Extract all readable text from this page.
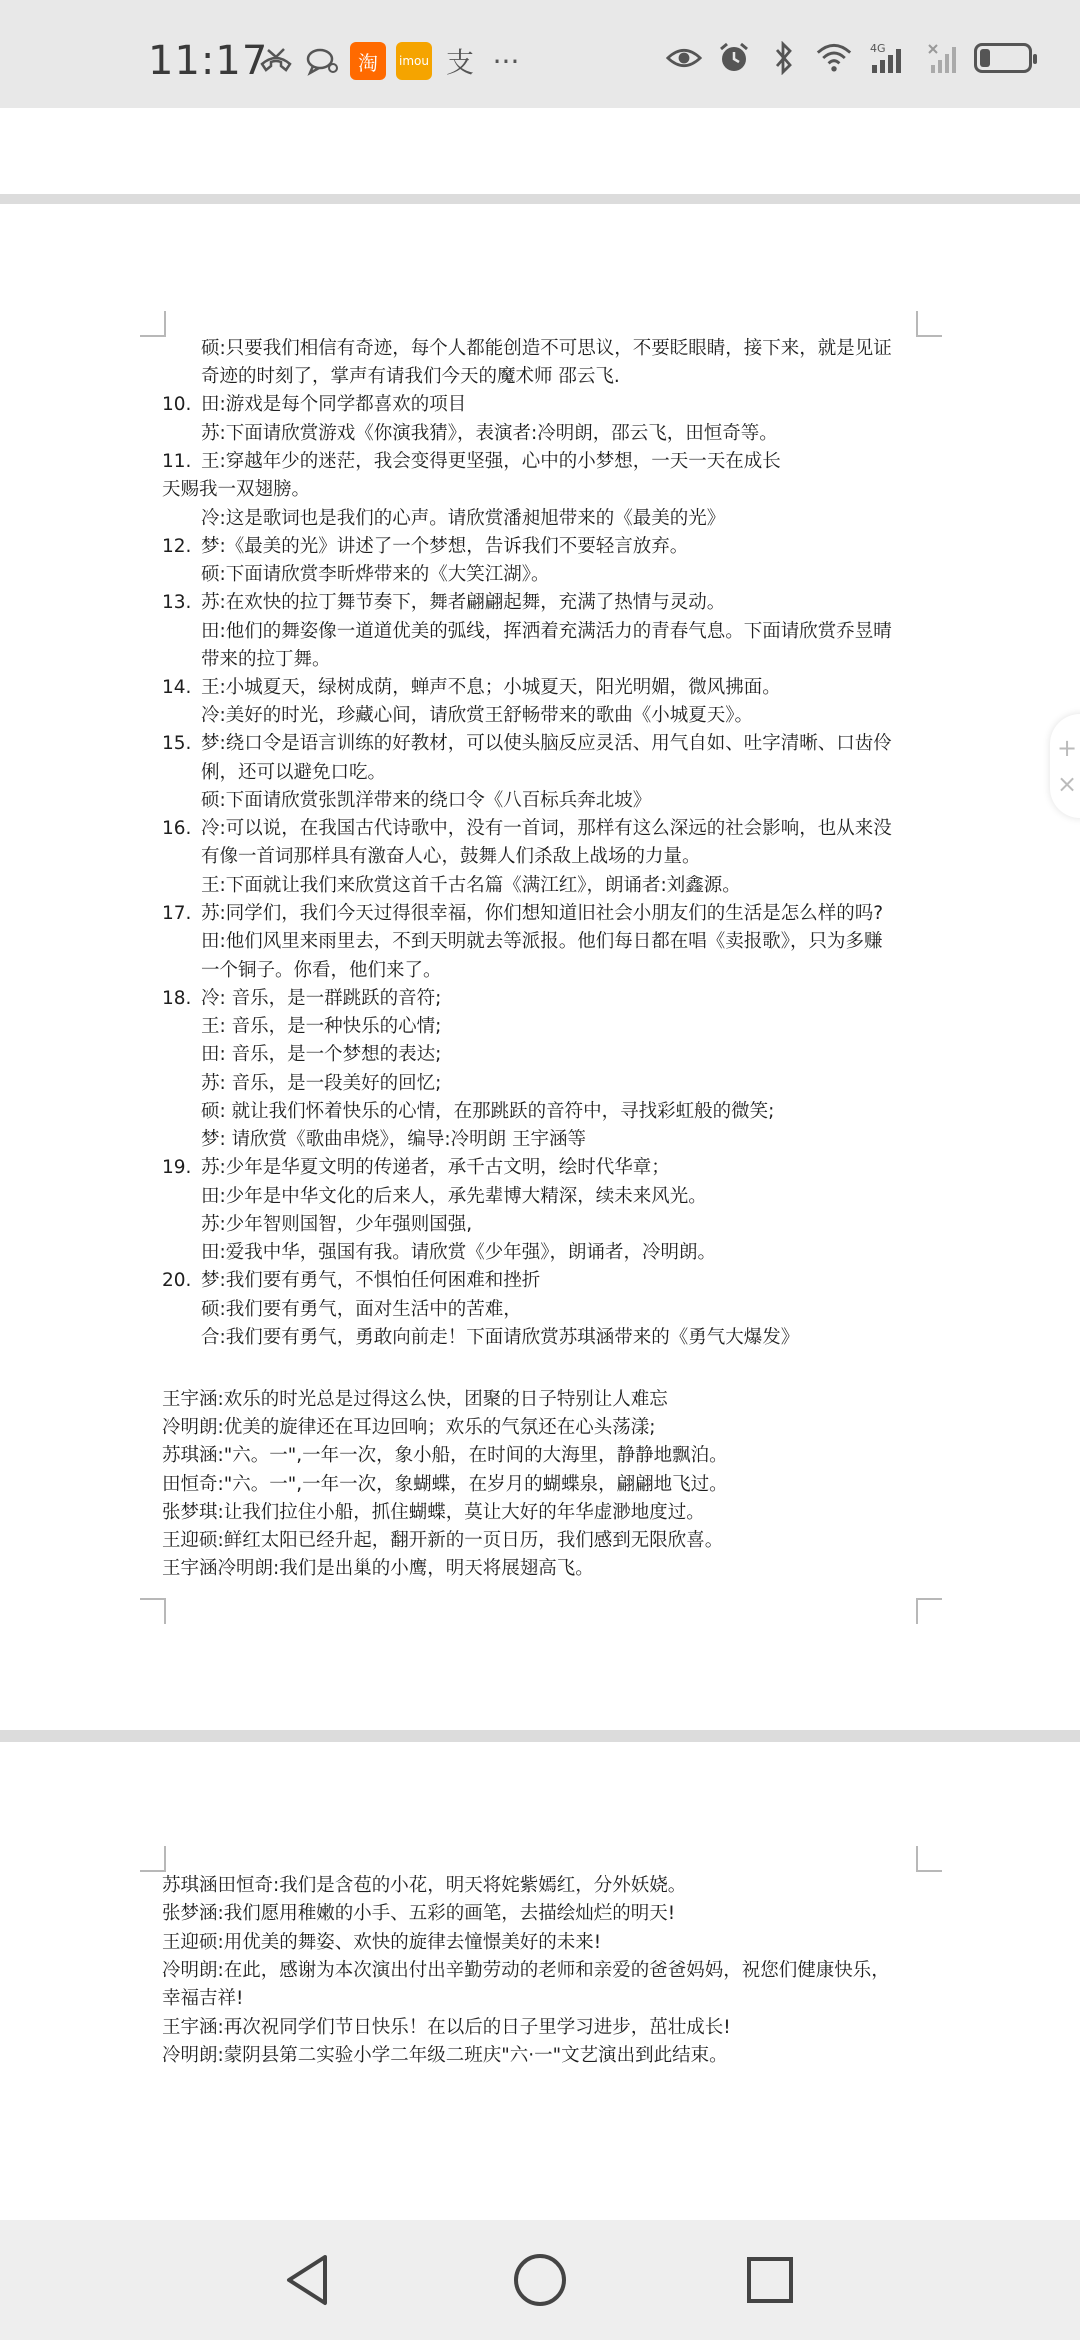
11:17	淘	imou 支 ···	4G
10.
11.
12.
13.
14.
15.
16.
17.
18.
19.
20.
硕:只要我们相信有奇迹，每个人都能创造不可思议，不要眨眼睛，接下来，就是见证
奇迹的时刻了，掌声有请我们今天的魔术师 邵云飞.
田:游戏是每个同学都喜欢的项目
苏:下面请欣赏游戏《你演我猜》，表演者:冷明朗，邵云飞，田恒奇等。
王:穿越年少的迷茫，我会变得更坚强，心中的小梦想，一天一天在成长
天赐我一双翅膀。
冷:这是歌词也是我们的心声。请欣赏潘昶旭带来的《最美的光》
梦:《最美的光》讲述了一个梦想，告诉我们不要轻言放弃。
硕:下面请欣赏李昕烨带来的《大笑江湖》。
苏:在欢快的拉丁舞节奏下，舞者翩翩起舞，充满了热情与灵动。
田:他们的舞姿像一道道优美的弧线，挥洒着充满活力的青春气息。下面请欣赏乔昱晴
带来的拉丁舞。
王:小城夏天，绿树成荫，蝉声不息；小城夏天，阳光明媚，微风拂面。
冷:美好的时光，珍藏心间，请欣赏王舒畅带来的歌曲《小城夏天》。
梦:绕口令是语言训练的好教材，可以使头脑反应灵活、用气自如、吐字清晰、口齿伶
俐，还可以避免口吃。
硕:下面请欣赏张凯洋带来的绕口令《八百标兵奔北坡》
冷:可以说，在我国古代诗歌中，没有一首词，那样有这么深远的社会影响，也从来没
有像一首词那样具有激奋人心，鼓舞人们杀敌上战场的力量。
王:下面就让我们来欣赏这首千古名篇《满江红》，朗诵者:刘鑫源。
苏:同学们，我们今天过得很幸福，你们想知道旧社会小朋友们的生活是怎么样的吗?
田:他们风里来雨里去，不到天明就去等派报。他们每日都在唱《卖报歌》，只为多赚
一个铜子。你看，他们来了。
冷: 音乐，是一群跳跃的音符;
王: 音乐，是一种快乐的心情;
田: 音乐，是一个梦想的表达;
苏: 音乐，是一段美好的回忆;
硕: 就让我们怀着快乐的心情，在那跳跃的音符中，寻找彩虹般的微笑;
梦: 请欣赏《歌曲串烧》，编导:冷明朗 王宇涵等
苏:少年是华夏文明的传递者，承千古文明，绘时代华章；
田:少年是中华文化的后来人，承先辈博大精深，续未来风光。
苏:少年智则国智，少年强则国强,
田:爱我中华，强国有我。请欣赏《少年强》，朗诵者，冷明朗。
梦:我们要有勇气，不惧怕任何困难和挫折
硕:我们要有勇气，面对生活中的苦难，
合:我们要有勇气，勇敢向前走！下面请欣赏苏琪涵带来的《勇气大爆发》
王宇涵:欢乐的时光总是过得这么快，团聚的日子特别让人难忘
冷明朗:优美的旋律还在耳边回响；欢乐的气氛还在心头荡漾;
苏琪涵:"六。一",一年一次，象小船，在时间的大海里，静静地飘泊。
田恒奇:"六。一",一年一次，象蝴蝶，在岁月的蝴蝶泉，翩翩地飞过。
张梦琪:让我们拉住小船，抓住蝴蝶，莫让大好的年华虚渺地度过。
王迎硕:鲜红太阳已经升起，翻开新的一页日历，我们感到无限欣喜。
王宇涵冷明朗:我们是出巢的小鹰，明天将展翅高飞。
+
×
苏琪涵田恒奇:我们是含苞的小花，明天将姹紫嫣红，分外妖娆。
张梦涵:我们愿用稚嫩的小手、五彩的画笔，去描绘灿烂的明天!
王迎硕:用优美的舞姿、欢快的旋律去憧憬美好的未来!
冷明朗:在此，感谢为本次演出付出辛勤劳动的老师和亲爱的爸爸妈妈，祝您们健康快乐，
幸福吉祥!
王宇涵:再次祝同学们节日快乐！在以后的日子里学习进步，茁壮成长!
冷明朗:蒙阴县第二实验小学二年级二班庆"六·一"文艺演出到此结束。
